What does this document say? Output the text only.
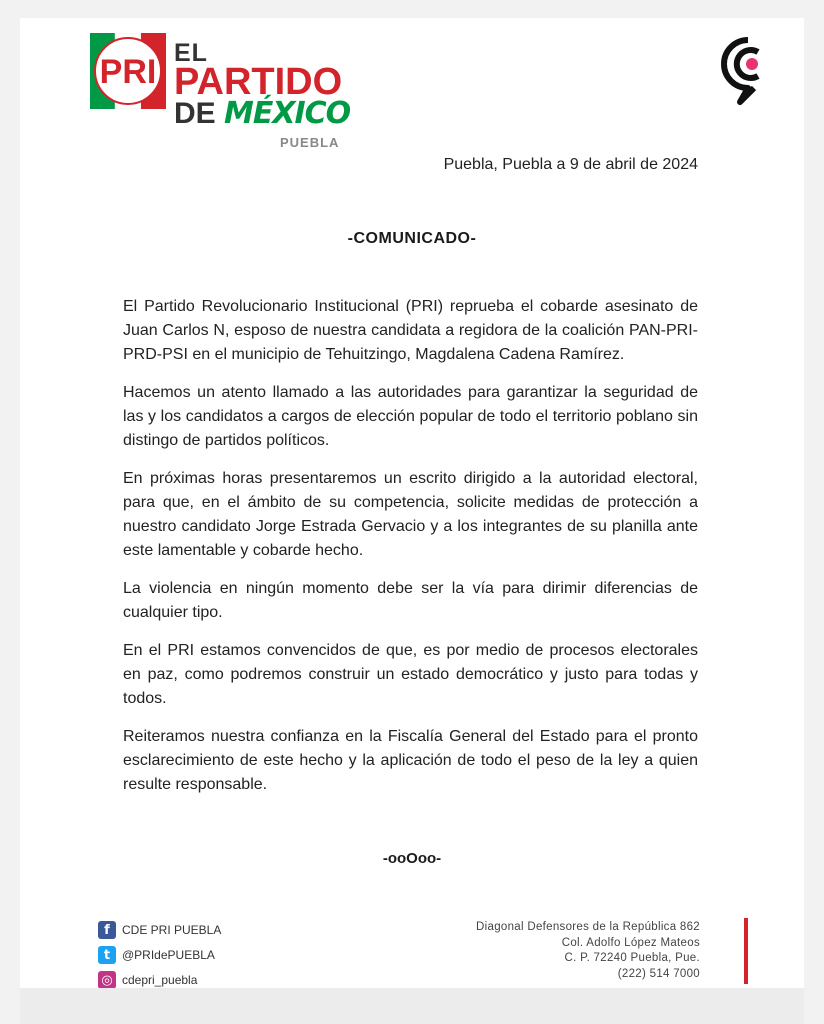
PRI EL
PARTIDO
DE MÉXICO
PUEBLA
Puebla, Puebla a 9 de abril de 2024
-COMUNICADO-

El Partido Revolucionario Institucional (PRI) reprueba el cobarde asesinato de Juan Carlos N, esposo de nuestra candidata a regidora de la coalición PAN-PRI-PRD-PSI en el municipio de Tehuitzingo, Magdalena Cadena Ramírez.

Hacemos un atento llamado a las autoridades para garantizar la seguridad de las y los candidatos a cargos de elección popular de todo el territorio poblano sin distingo de partidos políticos.

En próximas horas presentaremos un escrito dirigido a la autoridad electoral, para que, en el ámbito de su competencia, solicite medidas de protección a nuestro candidato Jorge Estrada Gervacio y a los integrantes de su planilla ante este lamentable y cobarde hecho.

La violencia en ningún momento debe ser la vía para dirimir diferencias de cualquier tipo.

En el PRI estamos convencidos de que, es por medio de procesos electorales en paz, como podremos construir un estado democrático y justo para todas y todos.

Reiteramos nuestra confianza en la Fiscalía General del Estado para el pronto esclarecimiento de este hecho y la aplicación de todo el peso de la ley a quien resulte responsable.

-ooOoo-
f	CDE PRI PUEBLA
t @PRIdePUEBLA
◎ cdepri_puebla
Diagonal Defensores de la República 862
Col. Adolfo López Mateos
C. P. 72240 Puebla, Pue.
(222) 514 7000
